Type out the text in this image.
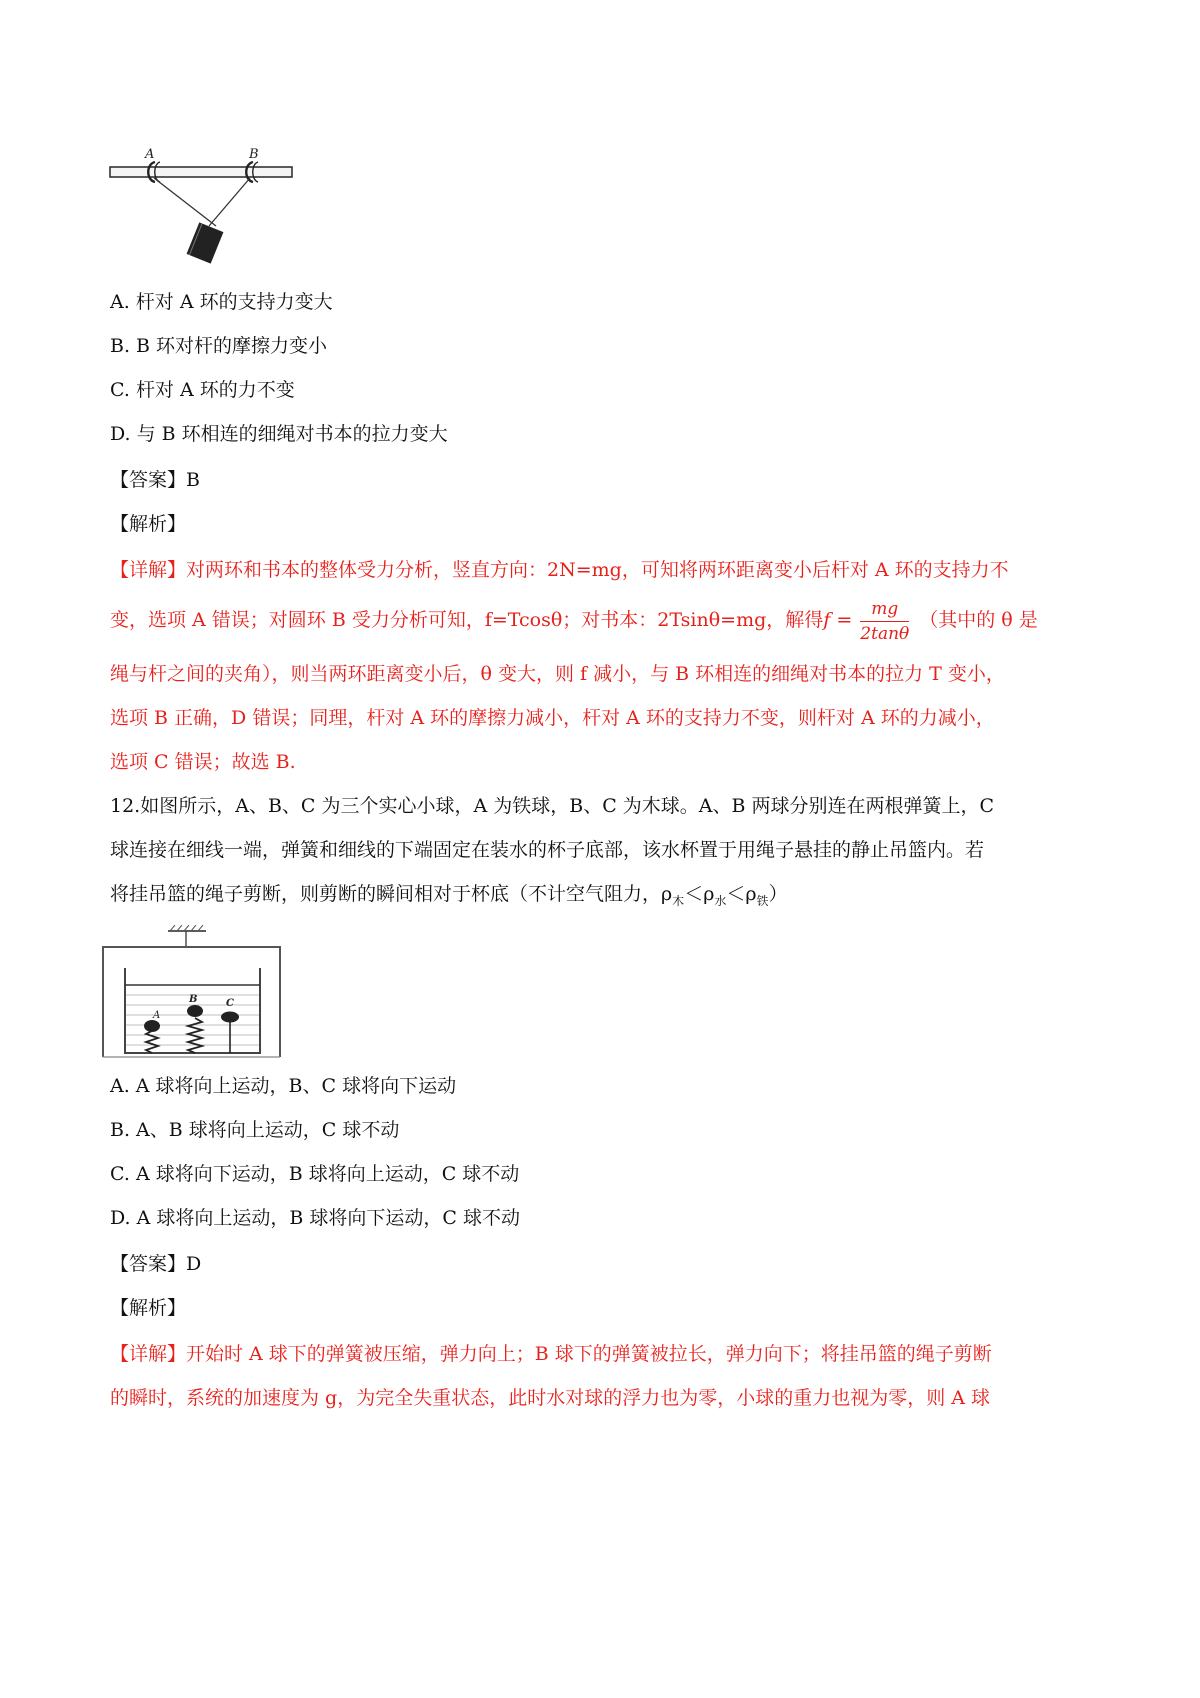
A	B

A. 杆对 A 环的支持力变大

B. B 环对杆的摩擦力变小

C. 杆对 A 环的力不变

D. 与 B 环相连的细绳对书本的拉力变大

【答案】B

【解析】

【详解】对两环和书本的整体受力分析，竖直方向：2N=mg，可知将两环距离变小后杆对 A 环的支持力不

变，选项 A 错误；对圆环 B 受力分析可知，f=Tcosθ；对书本：2Tsinθ=mg，解得$f = \frac{mg}{2\tan\theta}$ （其中的 θ 是

绳与杆之间的夹角），则当两环距离变小后，θ 变大，则 f 减小，与 B 环相连的细绳对书本的拉力 T 变小，

选项 B 正确，D 错误；同理，杆对 A 环的摩擦力减小，杆对 A 环的支持力不变，则杆对 A 环的力减小，

选项 C 错误；故选 B.

12.如图所示，A、B、C 为三个实心小球，A 为铁球，B、C 为木球。A、B 两球分别连在两根弹簧上，C

球连接在细线一端，弹簧和细线的下端固定在装水的杯子底部，该水杯置于用绳子悬挂的静止吊篮内。若

将挂吊篮的绳子剪断，则剪断的瞬间相对于杯底（不计空气阻力，$\rho_木<\rho_水<\rho_铁$）

A
B	C

A. A 球将向上运动，B、C 球将向下运动

B. A、B 球将向上运动，C 球不动

C. A 球将向下运动，B 球将向上运动，C 球不动

D. A 球将向上运动，B 球将向下运动，C 球不动

【答案】D

【解析】

【详解】开始时 A 球下的弹簧被压缩，弹力向上；B 球下的弹簧被拉长，弹力向下；将挂吊篮的绳子剪断

的瞬时，系统的加速度为 g，为完全失重状态，此时水对球的浮力也为零，小球的重力也视为零，则 A 球
